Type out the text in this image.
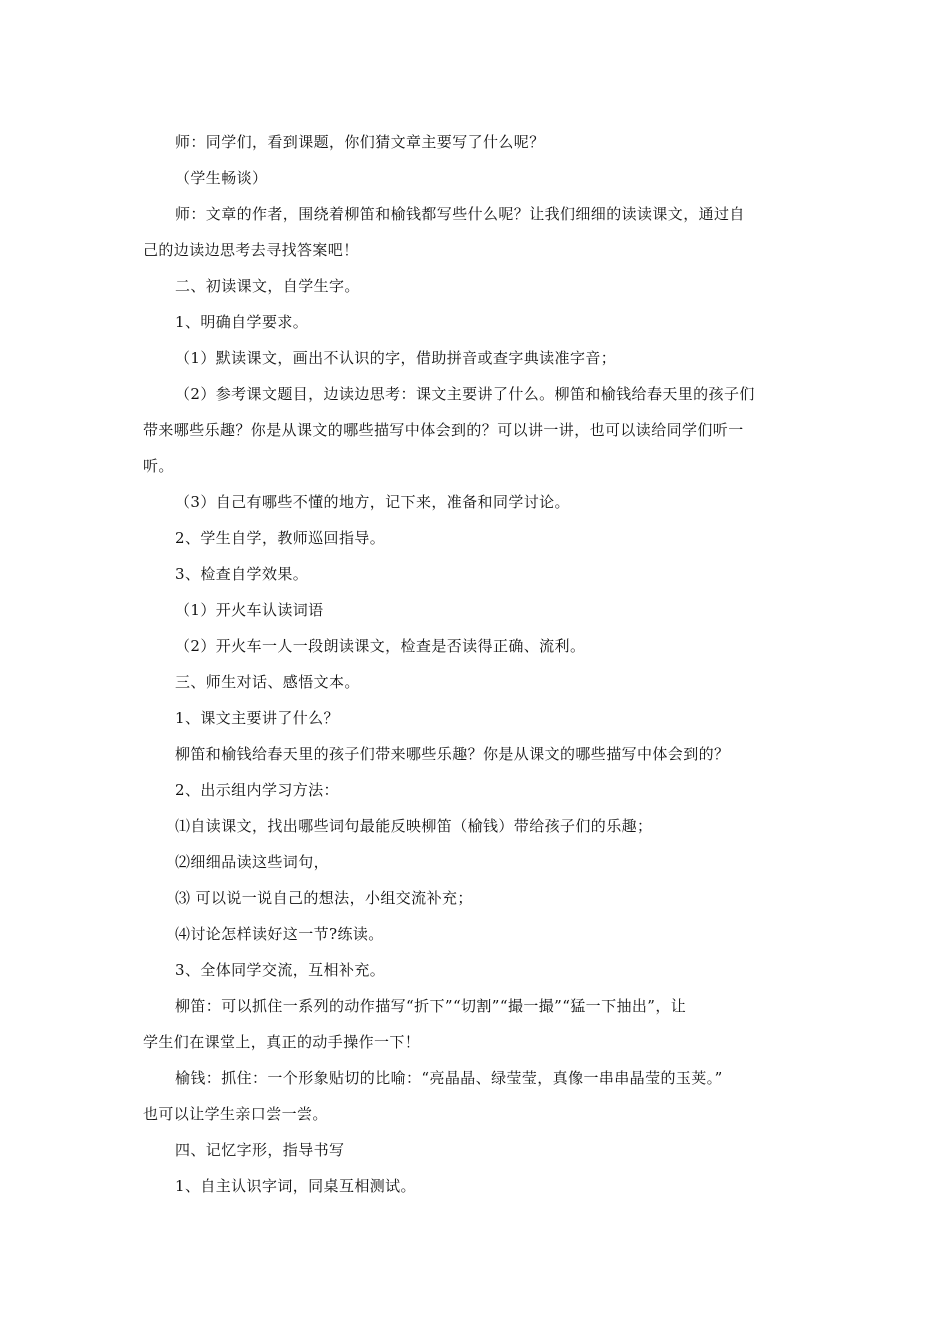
师：同学们，看到课题，你们猜文章主要写了什么呢？
（学生畅谈）
师：文章的作者，围绕着柳笛和榆钱都写些什么呢？让我们细细的读读课文，通过自
己的边读边思考去寻找答案吧！
二、初读课文，自学生字。
1、明确自学要求。
（1）默读课文，画出不认识的字，借助拼音或查字典读准字音；
（2）参考课文题目，边读边思考：课文主要讲了什么。柳笛和榆钱给春天里的孩子们
带来哪些乐趣？你是从课文的哪些描写中体会到的？可以讲一讲，也可以读给同学们听一
听。
（3）自己有哪些不懂的地方，记下来，准备和同学讨论。
2、学生自学，教师巡回指导。
3、检查自学效果。
（1）开火车认读词语
（2）开火车一人一段朗读课文，检查是否读得正确、流利。
三、师生对话、感悟文本。
1、课文主要讲了什么？
柳笛和榆钱给春天里的孩子们带来哪些乐趣？你是从课文的哪些描写中体会到的？
2、出示组内学习方法：
⑴自读课文，找出哪些词句最能反映柳笛（榆钱）带给孩子们的乐趣；
⑵细细品读这些词句，
⑶ 可以说一说自己的想法，小组交流补充；
⑷讨论怎样读好这一节?练读。
3、全体同学交流，互相补充。
柳笛：可以抓住一系列的动作描写“折下”“切割”“撮一撮”“猛一下抽出”，让
学生们在课堂上，真正的动手操作一下！
榆钱：抓住：一个形象贴切的比喻：“亮晶晶、绿莹莹，真像一串串晶莹的玉荚。”
也可以让学生亲口尝一尝。
四、记忆字形，指导书写
1、自主认识字词，同桌互相测试。
